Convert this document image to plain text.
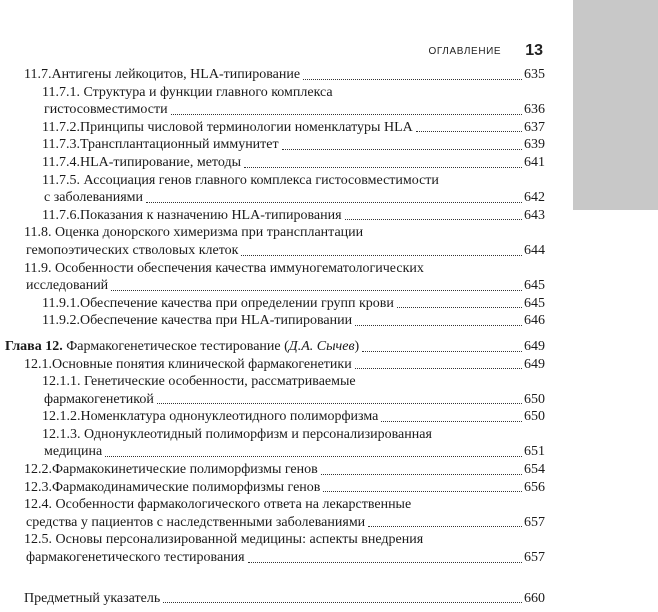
ОГЛАВЛЕНИЕ 13
11.7. Антигены лейкоцитов, HLA-типирование	635
11.7.1. Структура и функции главного комплекса
гистосовместимости	636
11.7.2. Принципы числовой терминологии номенклатуры HLA	637
11.7.3. Трансплантационный иммунитет	639
11.7.4. HLA-типирование, методы	641
11.7.5. Ассоциация генов главного комплекса гистосовместимости
с заболеваниями	642
11.7.6. Показания к назначению HLA-типирования	643
11.8. Оценка донорского химеризма при трансплантации
гемопоэтических стволовых клеток	644
11.9. Особенности обеспечения качества иммуногематологических
исследований	645
11.9.1. Обеспечение качества при определении групп крови	645
11.9.2. Обеспечение качества при HLA-типировании	646
Глава 12. Фармакогенетическое тестирование (Д.А. Сычев)	649
12.1. Основные понятия клинической фармакогенетики	649
12.1.1. Генетические особенности, рассматриваемые
фармакогенетикой	650
12.1.2. Номенклатура однонуклеотидного полиморфизма	650
12.1.3. Однонуклеотидный полиморфизм и персонализированная
медицина	651
12.2. Фармакокинетические полиморфизмы генов	654
12.3. Фармакодинамические полиморфизмы генов	656
12.4. Особенности фармакологического ответа на лекарственные
средства у пациентов с наследственными заболеваниями	657
12.5. Основы персонализированной медицины: аспекты внедрения
фармакогенетического тестирования	657
Предметный указатель	660
